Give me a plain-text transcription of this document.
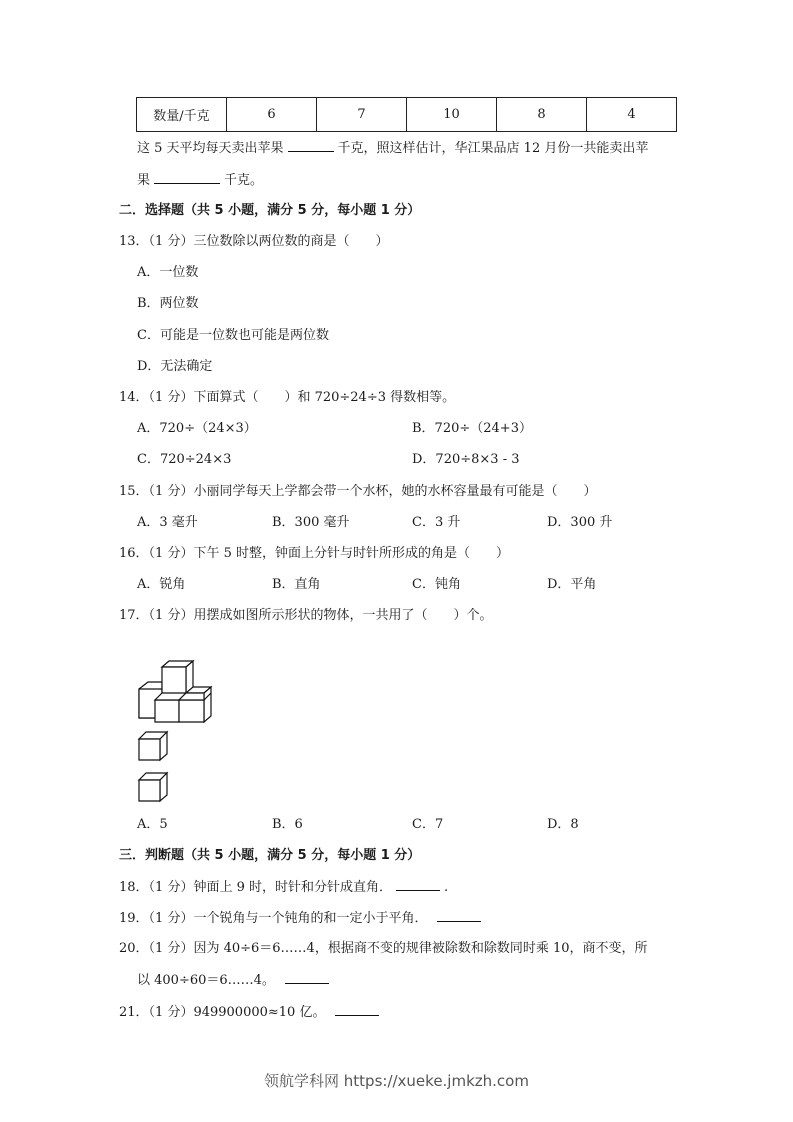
数量/千克	6	7	10	8	4
这 5 天平均每天卖出苹果	千克，照这样估计，华江果品店 12 月份一共能卖出苹
果	千克。
二．选择题（共 5 小题，满分 5 分，每小题 1 分）
13．（1 分）三位数除以两位数的商是（　　）
A．一位数
B．两位数
C．可能是一位数也可能是两位数
D．无法确定
14．（1 分）下面算式（　　）和 720÷24÷3 得数相等。
A．720÷（24×3）	B．720÷（24+3）
C．720÷24×3	D．720÷8×3 - 3
15．（1 分）小丽同学每天上学都会带一个水杯，她的水杯容量最有可能是（　　）
A．3 毫升	B．300 毫升	C．3 升	D．300 升
16．（1 分）下午 5 时整，钟面上分针与时针所形成的角是（　　）
A．锐角	B．直角	C．钝角	D．平角
17．（1 分）用摆成如图所示形状的物体，一共用了（　　）个。
A．5	B．6	C．7	D．8
三．判断题（共 5 小题，满分 5 分，每小题 1 分）
18．（1 分）钟面上 9 时，时针和分针成直角．	.
19．（1 分）一个锐角与一个钝角的和一定小于平角．
20．（1 分）因为 40÷6＝6……4，根据商不变的规律被除数和除数同时乘 10，商不变，所
以 400÷60＝6……4。
21．（1 分）949900000≈10 亿。
领航学科网 https://xueke.jmkzh.com
